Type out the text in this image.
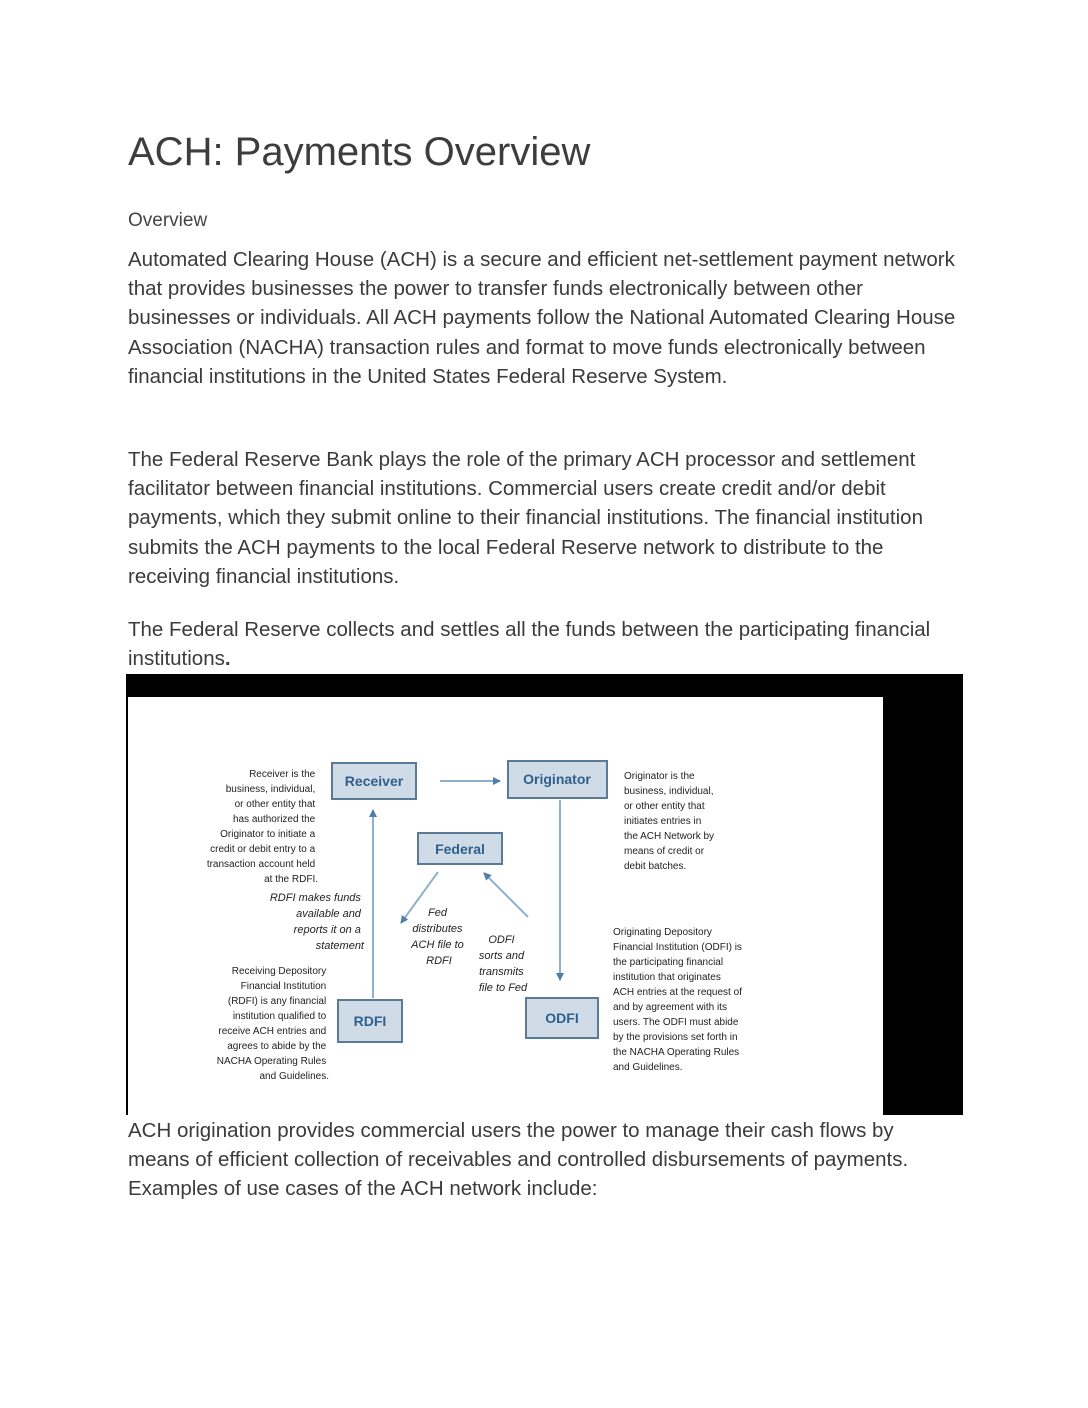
ACH: Payments Overview
Overview

Automated Clearing House (ACH) is a secure and efficient net-settlement payment network that provides businesses the power to transfer funds electronically between other businesses or individuals. All ACH payments follow the National Automated Clearing House Association (NACHA) transaction rules and format to move funds electronically between financial institutions in the United States Federal Reserve System.

The Federal Reserve Bank plays the role of the primary ACH processor and settlement facilitator between financial institutions. Commercial users create credit and/or debit payments, which they submit online to their financial institutions. The financial institution submits the ACH payments to the local Federal Reserve network to distribute to the receiving financial institutions.

The Federal Reserve collects and settles all the funds between the participating financial institutions.

Receiver	Originator
Federal
RDFI	ODFI
Receiver is the business, individual, or other entity that has authorized the Originator to initiate a credit or debit entry to a transaction account held at the RDFI.
Originator is the business, individual, or other entity that initiates entries in the ACH Network by means of credit or debit batches.
RDFI makes funds available and reports it on a statement
Fed distributes ACH file to RDFI
ODFI sorts and transmits file to Fed
Receiving Depository Financial Institution (RDFI) is any financial institution qualified to receive ACH entries and agrees to abide by the NACHA Operating Rules and Guidelines.
Originating Depository Financial Institution (ODFI) is the participating financial institution that originates ACH entries at the request of and by agreement with its users. The ODFI must abide by the provisions set forth in the NACHA Operating Rules and Guidelines.

ACH origination provides commercial users the power to manage their cash flows by means of efficient collection of receivables and controlled disbursements of payments. Examples of use cases of the ACH network include:
